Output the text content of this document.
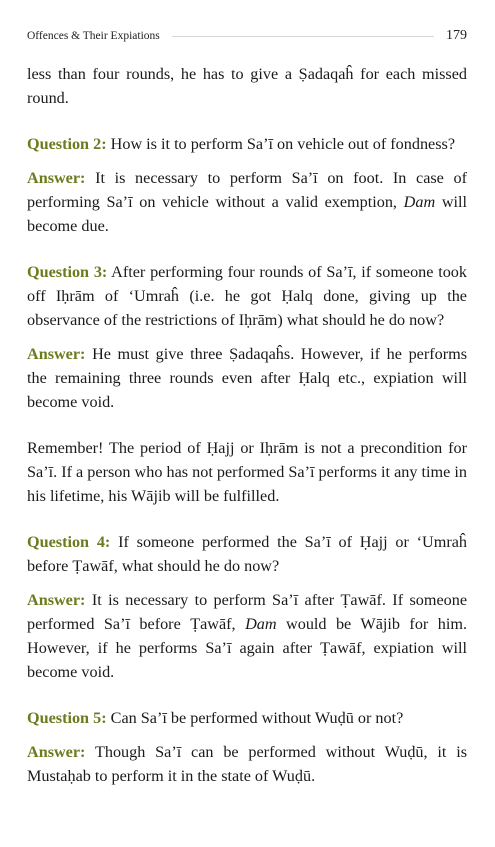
Offences & Their Expiations	179

less than four rounds, he has to give a Ṣadaqaĥ for each missed round.

Question 2: How is it to perform Sa’ī on vehicle out of fondness?

Answer: It is necessary to perform Sa’ī on foot. In case of performing Sa’ī on vehicle without a valid exemption, Dam will become due.

Question 3: After performing four rounds of Sa’ī, if someone took off Iḥrām of ‘Umraĥ (i.e. he got Ḥalq done, giving up the observance of the restrictions of Iḥrām) what should he do now?

Answer: He must give three Ṣadaqaĥs. However, if he performs the remaining three rounds even after Ḥalq etc., expiation will become void.

Remember! The period of Ḥajj or Iḥrām is not a precondition for Sa’ī. If a person who has not performed Sa’ī performs it any time in his lifetime, his Wājib will be fulfilled.

Question 4: If someone performed the Sa’ī of Ḥajj or ‘Umraĥ before Ṭawāf, what should he do now?

Answer: It is necessary to perform Sa’ī after Ṭawāf. If someone performed Sa’ī before Ṭawāf, Dam would be Wājib for him. However, if he performs Sa’ī again after Ṭawāf, expiation will become void.

Question 5: Can Sa’ī be performed without Wuḍū or not?

Answer: Though Sa’ī can be performed without Wuḍū, it is Mustaḥab to perform it in the state of Wuḍū.
